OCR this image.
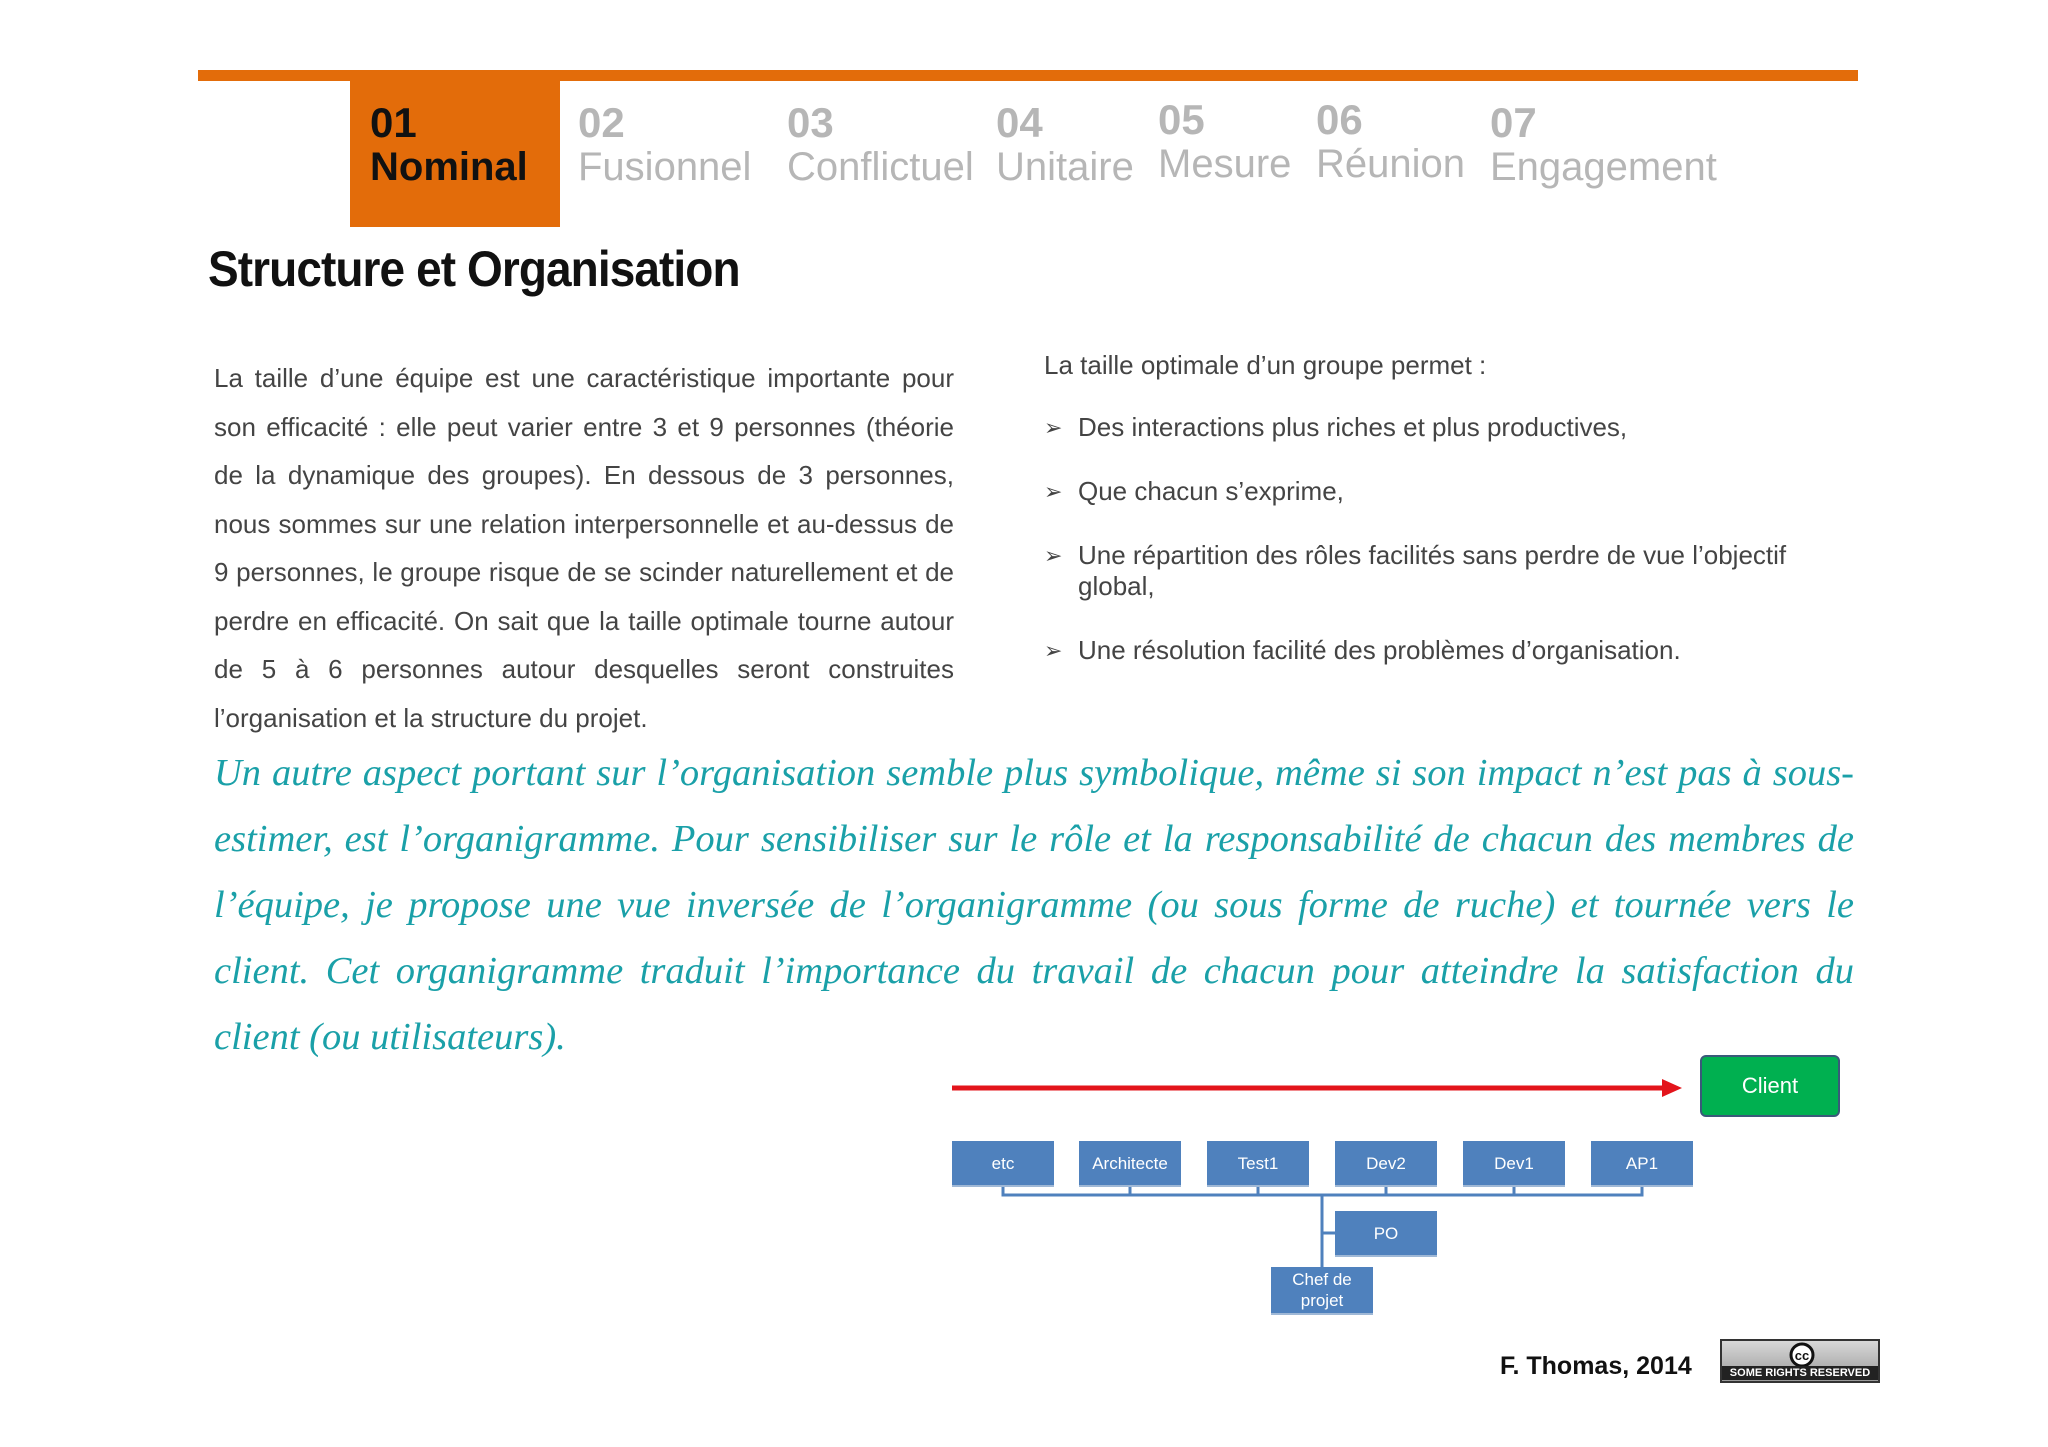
01
Nominal
02
Fusionnel
03
Conflictuel
04
Unitaire
05
Mesure
06
Réunion
07
Engagement
Structure et Organisation
La taille d’une équipe est une caractéristique importante pour son efficacité : elle peut varier entre 3 et 9 personnes (théorie de la dynamique des groupes). En dessous de 3 personnes, nous sommes sur une relation interpersonnelle et au-dessus de 9 personnes, le groupe risque de se scinder naturellement et de perdre en efficacité. On sait que la taille optimale tourne autour de 5 à 6 personnes autour desquelles seront construites l’organisation et la structure du projet.
La taille optimale d’un groupe permet :
➢ Des interactions plus riches et plus productives,
➢ Que chacun s’exprime,
➢ Une répartition des rôles facilités sans perdre de vue l’objectif global,
➢ Une résolution facilité des problèmes d’organisation.

Un autre aspect portant sur l’organisation semble plus symbolique, même si son impact n’est pas à sous-estimer, est l’organigramme. Pour sensibiliser sur le rôle et la responsabilité de chacun des membres de l’équipe, je propose une vue inversée de l’organigramme (ou sous forme de ruche) et tournée vers le client. Cet organigramme traduit l’importance du travail de chacun pour atteindre la satisfaction du client (ou utilisateurs).

Client
etc	Architecte	Test1	Dev2	Dev1	AP1
PO
Chef de projet
F. Thomas, 2014	cc
SOME RIGHTS RESERVED
